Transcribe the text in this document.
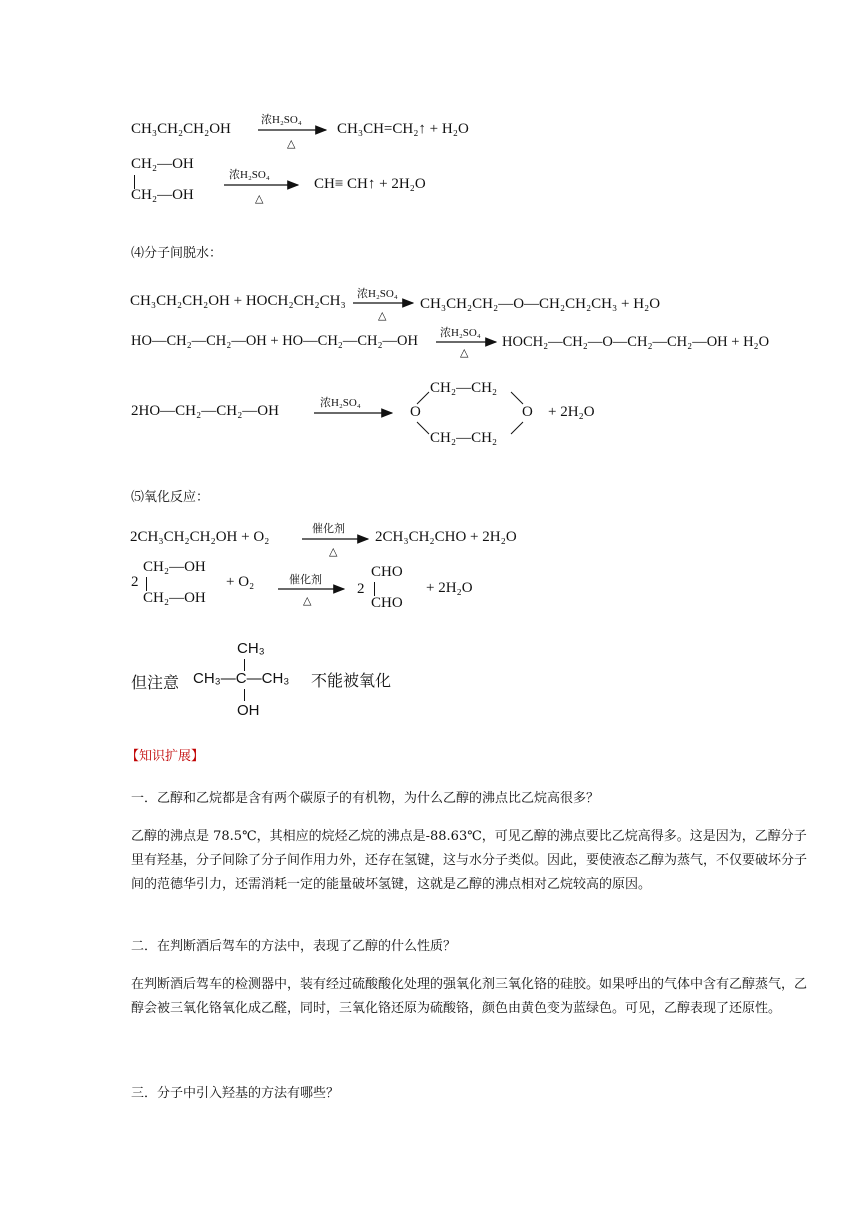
CH₃CH₂CH₂OH
浓H₂SO₄
△
CH₃CH=CH₂↑ + H₂O
CH₂—OH
CH₂—OH
浓H₂SO₄
△
CH≡ CH↑ + 2H₂O
⑷分子间脱水：
CH₃CH₂CH₂OH + HOCH₂CH₂CH₃ 浓H₂SO₄
△
CH₃CH₂CH₂—O—CH₂CH₂CH₃ + H₂O
HO—CH₂—CH₂—OH + HO—CH₂—CH₂—OH 浓H₂SO₄
△
HOCH₂—CH₂—O—CH₂—CH₂—OH + H₂O
2HO—CH₂—CH₂—OH	浓H₂SO₄
CH₂—CH₂
O	O
CH₂—CH₂
+ 2H₂O
⑸氧化反应：
2CH₃CH₂CH₂OH + O₂
催化剂
△
2CH₃CH₂CHO + 2H₂O
2
CH₂—OH
CH₂—OH
+ O₂	催化剂
△
2
CHO
CHO
+ 2H₂O
但注意
CH₃
CH₃—C—CH₃
OH
不能被氧化
【知识扩展】
一．乙醇和乙烷都是含有两个碳原子的有机物，为什么乙醇的沸点比乙烷高很多？
乙醇的沸点是 78.5℃，其相应的烷烃乙烷的沸点是-88.63℃，可见乙醇的沸点要比乙烷高得多。这是因为，乙醇分子里有羟基，分子间除了分子间作用力外，还存在氢键，这与水分子类似。因此，要使液态乙醇为蒸气，不仅要破坏分子间的范德华引力，还需消耗一定的能量破坏氢键，这就是乙醇的沸点相对乙烷较高的原因。
二．在判断酒后驾车的方法中，表现了乙醇的什么性质？
在判断酒后驾车的检测器中，装有经过硫酸酸化处理的强氧化剂三氧化铬的硅胶。如果呼出的气体中含有乙醇蒸气，乙醇会被三氧化铬氧化成乙醛，同时，三氧化铬还原为硫酸铬，颜色由黄色变为蓝绿色。可见，乙醇表现了还原性。
三．分子中引入羟基的方法有哪些？
